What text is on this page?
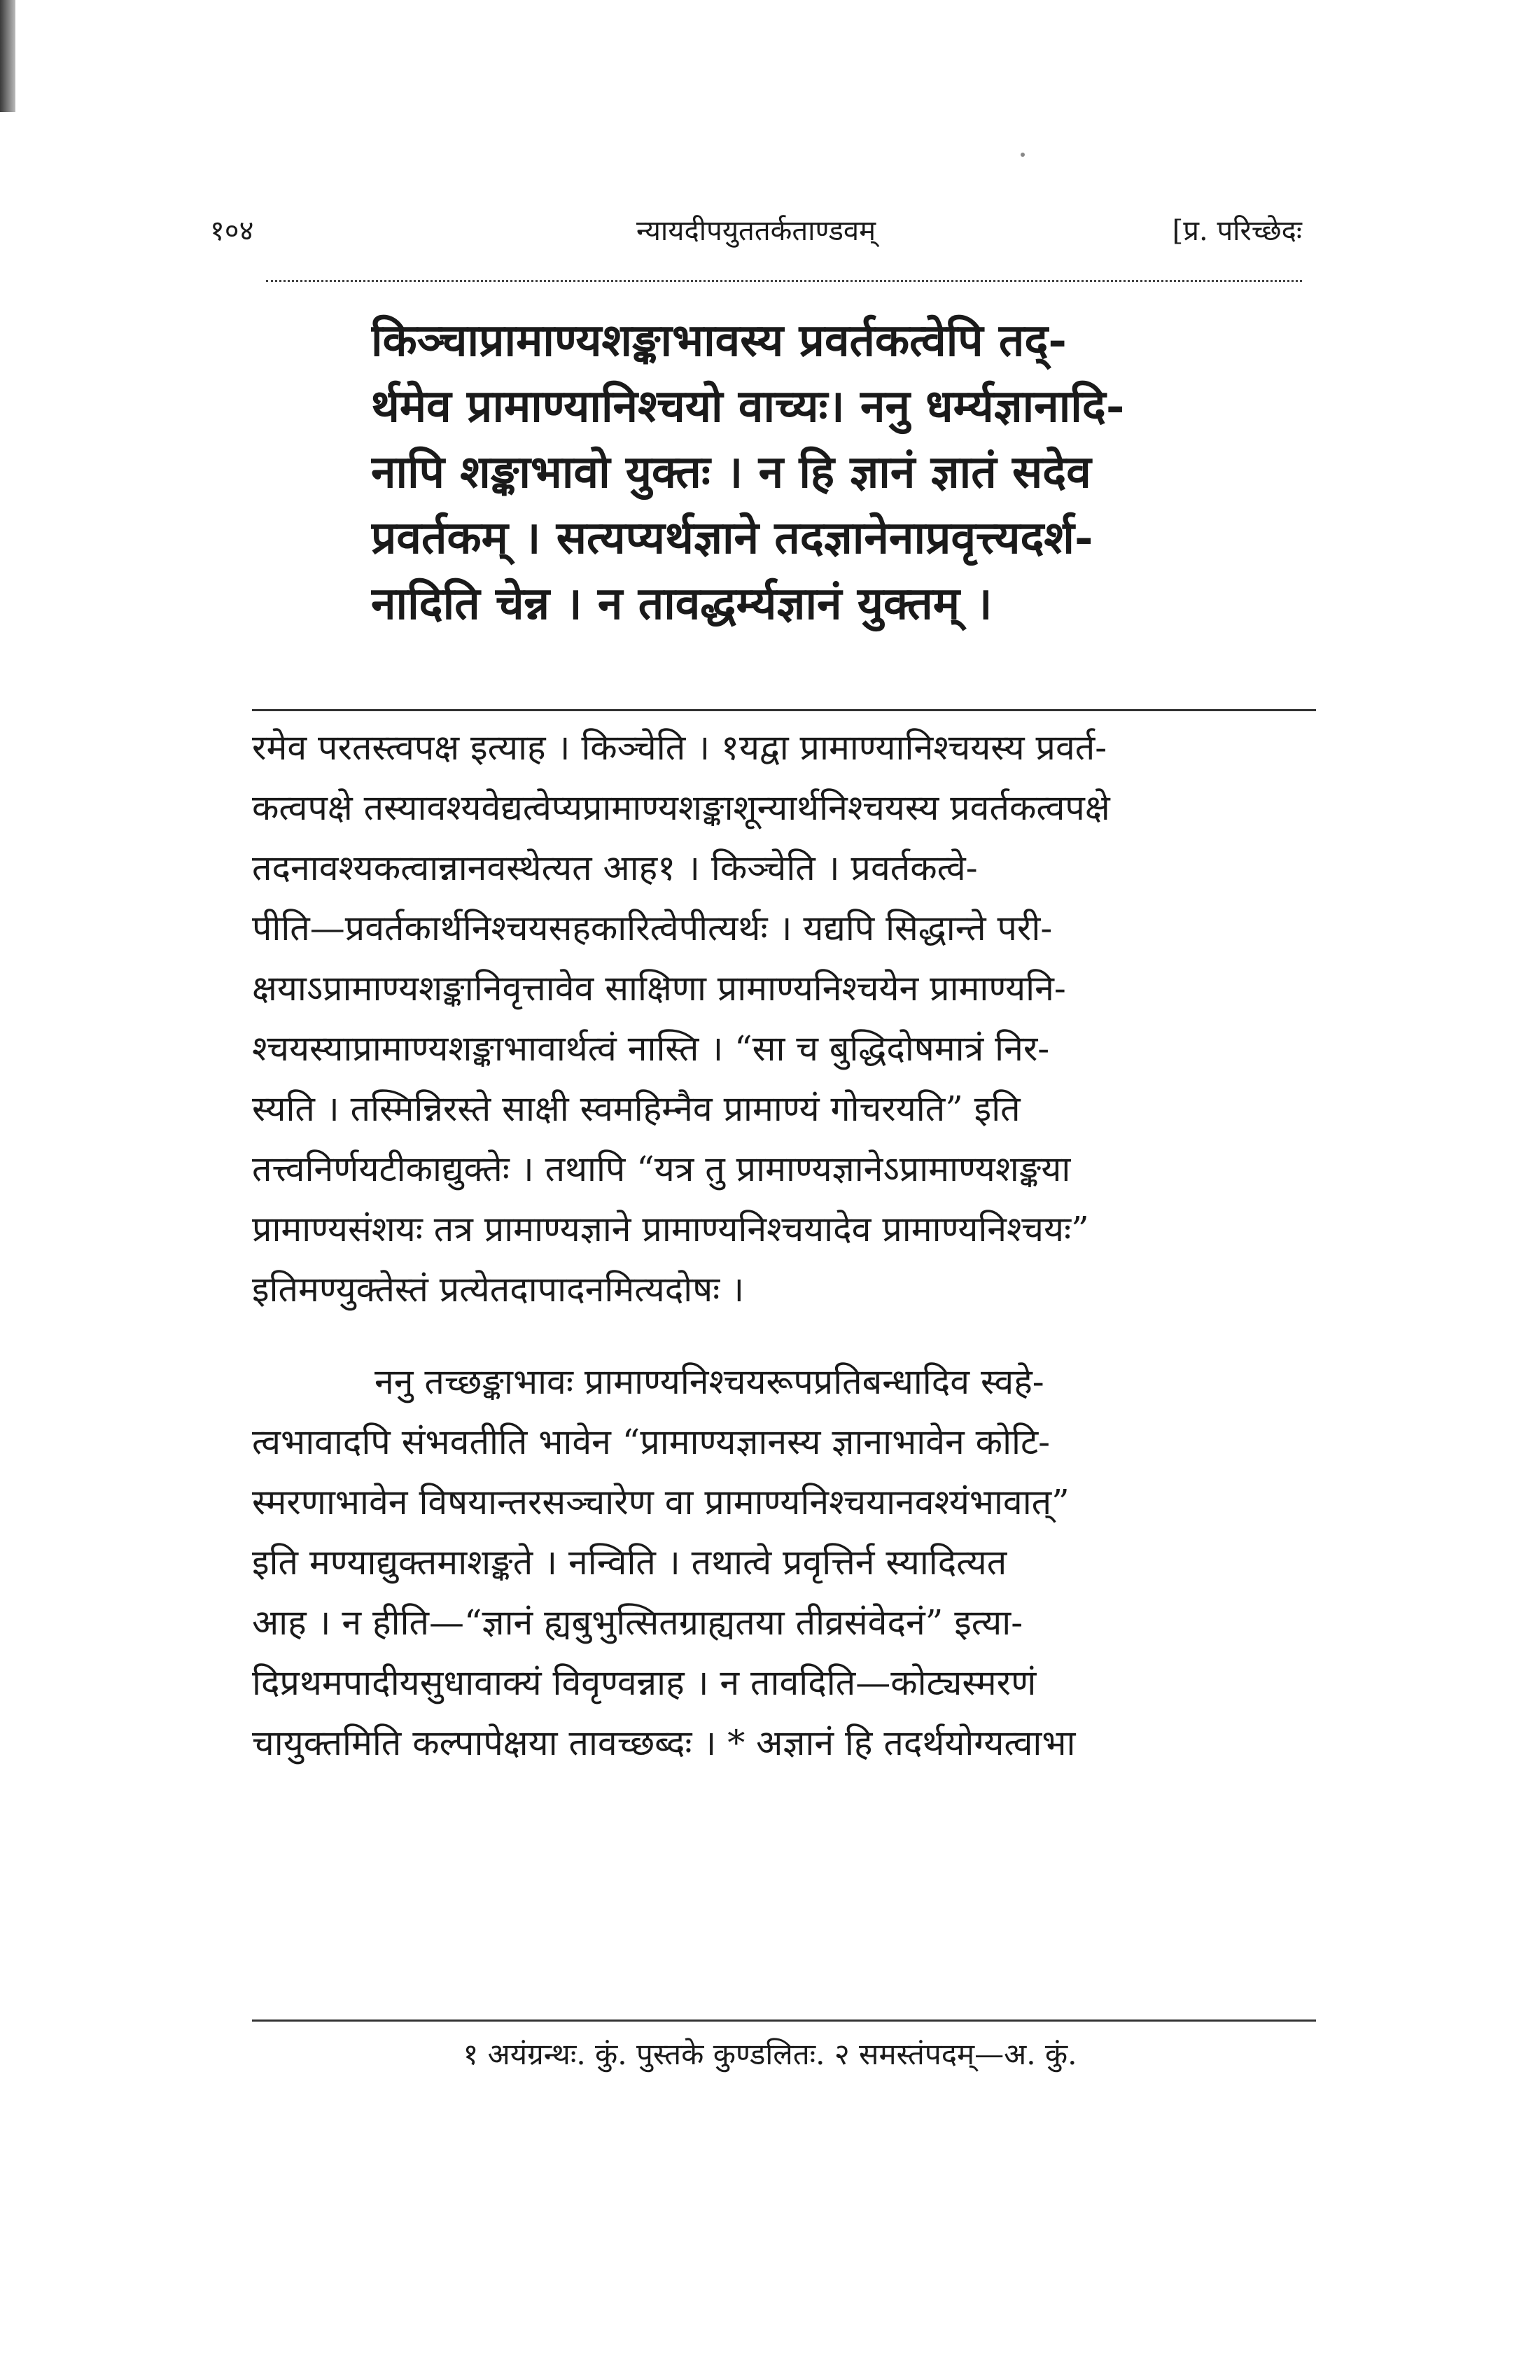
१०४	न्यायदीपयुततर्कताण्डवम्	[प्र. परिच्छेदः
किञ्चाप्रामाण्यशङ्काभावस्य प्रवर्तकत्वेपि तद्-
र्थमेव प्रामाण्यानिश्चयो वाच्यः। ननु धर्म्यज्ञानादि-
नापि शङ्काभावो युक्तः । न हि ज्ञानं ज्ञातं सदेव
प्रवर्तकम् । सत्यप्यर्थज्ञाने तदज्ञानेनाप्रवृत्त्यदर्श-
नादिति चेन्न । न तावद्धर्म्यज्ञानं युक्तम् ।
रमेव परतस्त्वपक्ष इत्याह । किञ्चेति । १यद्वा प्रामाण्यानिश्चयस्य प्रवर्त-
कत्वपक्षे तस्यावश्यवेद्यत्वेप्यप्रामाण्यशङ्काशून्यार्थनिश्चयस्य प्रवर्तकत्वपक्षे
तदनावश्यकत्वान्नानवस्थेत्यत आह१ । किञ्चेति । प्रवर्तकत्वे-
पीति—प्रवर्तकार्थनिश्चयसहकारित्वेपीत्यर्थः । यद्यपि सिद्धान्ते परी-
क्षयाऽप्रामाण्यशङ्कानिवृत्तावेव साक्षिणा प्रामाण्यनिश्चयेन प्रामाण्यनि-
श्चयस्याप्रामाण्यशङ्काभावार्थत्वं नास्ति । “सा च बुद्धिदोषमात्रं निर-
स्यति । तस्मिन्निरस्ते साक्षी स्वमहिम्नैव प्रामाण्यं गोचरयति” इति
तत्त्वनिर्णयटीकाद्युक्तेः । तथापि “यत्र तु प्रामाण्यज्ञानेऽप्रामाण्यशङ्कया
प्रामाण्यसंशयः तत्र प्रामाण्यज्ञाने प्रामाण्यनिश्चयादेव प्रामाण्यनिश्चयः”
इतिमण्युक्तेस्तं प्रत्येतदापादनमित्यदोषः ।
ननु तच्छङ्काभावः प्रामाण्यनिश्चयरूपप्रतिबन्धादिव स्वहे-
त्वभावादपि संभवतीति भावेन “प्रामाण्यज्ञानस्य ज्ञानाभावेन कोटि-
स्मरणाभावेन विषयान्तरसञ्चारेण वा प्रामाण्यनिश्चयानवश्यंभावात्”
इति मण्याद्युक्तमाशङ्कते । नन्विति । तथात्वे प्रवृत्तिर्न स्यादित्यत
आह । न हीति—“ज्ञानं ह्यबुभुत्सितग्राह्यतया तीव्रसंवेदनं” इत्या-
दिप्रथमपादीयसुधावाक्यं विवृण्वन्नाह । न तावदिति—कोट्यस्मरणं
चायुक्तमिति कल्पापेक्षया तावच्छब्दः । * अज्ञानं हि तदर्थयोग्यत्वाभा
१ अयंग्रन्थः. कुं. पुस्तके कुण्डलितः. २ समस्तंपदम्—अ. कुं.
